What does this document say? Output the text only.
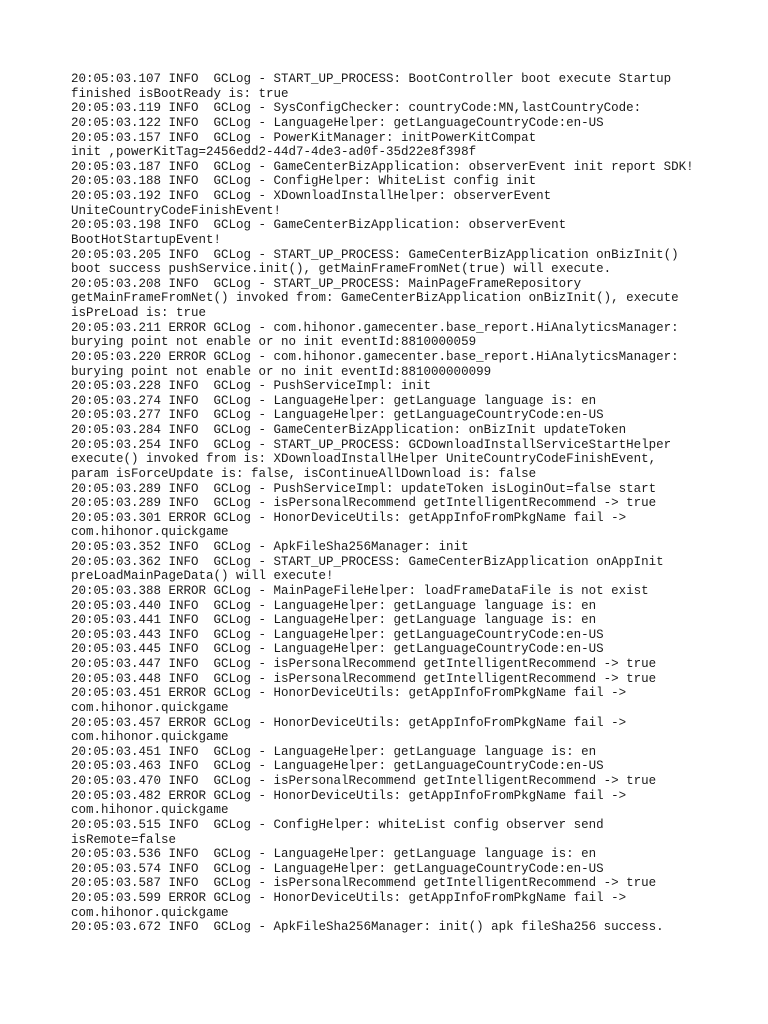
20:05:03.107 INFO  GCLog - START_UP_PROCESS: BootController boot execute Startup
finished isBootReady is: true
20:05:03.119 INFO  GCLog - SysConfigChecker: countryCode:MN,lastCountryCode:
20:05:03.122 INFO  GCLog - LanguageHelper: getLanguageCountryCode:en-US
20:05:03.157 INFO  GCLog - PowerKitManager: initPowerKitCompat
init ,powerKitTag=2456edd2-44d7-4de3-ad0f-35d22e8f398f
20:05:03.187 INFO  GCLog - GameCenterBizApplication: observerEvent init report SDK!
20:05:03.188 INFO  GCLog - ConfigHelper: WhiteList config init
20:05:03.192 INFO  GCLog - XDownloadInstallHelper: observerEvent
UniteCountryCodeFinishEvent!
20:05:03.198 INFO  GCLog - GameCenterBizApplication: observerEvent
BootHotStartupEvent!
20:05:03.205 INFO  GCLog - START_UP_PROCESS: GameCenterBizApplication onBizInit()
boot success pushService.init(), getMainFrameFromNet(true) will execute.
20:05:03.208 INFO  GCLog - START_UP_PROCESS: MainPageFrameRepository
getMainFrameFromNet() invoked from: GameCenterBizApplication onBizInit(), execute
isPreLoad is: true
20:05:03.211 ERROR GCLog - com.hihonor.gamecenter.base_report.HiAnalyticsManager:
burying point not enable or no init eventId:8810000059
20:05:03.220 ERROR GCLog - com.hihonor.gamecenter.base_report.HiAnalyticsManager:
burying point not enable or no init eventId:881000000099
20:05:03.228 INFO  GCLog - PushServiceImpl: init
20:05:03.274 INFO  GCLog - LanguageHelper: getLanguage language is: en
20:05:03.277 INFO  GCLog - LanguageHelper: getLanguageCountryCode:en-US
20:05:03.284 INFO  GCLog - GameCenterBizApplication: onBizInit updateToken
20:05:03.254 INFO  GCLog - START_UP_PROCESS: GCDownloadInstallServiceStartHelper
execute() invoked from is: XDownloadInstallHelper UniteCountryCodeFinishEvent,
param isForceUpdate is: false, isContinueAllDownload is: false
20:05:03.289 INFO  GCLog - PushServiceImpl: updateToken isLoginOut=false start
20:05:03.289 INFO  GCLog - isPersonalRecommend getIntelligentRecommend -> true
20:05:03.301 ERROR GCLog - HonorDeviceUtils: getAppInfoFromPkgName fail ->
com.hihonor.quickgame
20:05:03.352 INFO  GCLog - ApkFileSha256Manager: init
20:05:03.362 INFO  GCLog - START_UP_PROCESS: GameCenterBizApplication onAppInit
preLoadMainPageData() will execute!
20:05:03.388 ERROR GCLog - MainPageFileHelper: loadFrameDataFile is not exist
20:05:03.440 INFO  GCLog - LanguageHelper: getLanguage language is: en
20:05:03.441 INFO  GCLog - LanguageHelper: getLanguage language is: en
20:05:03.443 INFO  GCLog - LanguageHelper: getLanguageCountryCode:en-US
20:05:03.445 INFO  GCLog - LanguageHelper: getLanguageCountryCode:en-US
20:05:03.447 INFO  GCLog - isPersonalRecommend getIntelligentRecommend -> true
20:05:03.448 INFO  GCLog - isPersonalRecommend getIntelligentRecommend -> true
20:05:03.451 ERROR GCLog - HonorDeviceUtils: getAppInfoFromPkgName fail ->
com.hihonor.quickgame
20:05:03.457 ERROR GCLog - HonorDeviceUtils: getAppInfoFromPkgName fail ->
com.hihonor.quickgame
20:05:03.451 INFO  GCLog - LanguageHelper: getLanguage language is: en
20:05:03.463 INFO  GCLog - LanguageHelper: getLanguageCountryCode:en-US
20:05:03.470 INFO  GCLog - isPersonalRecommend getIntelligentRecommend -> true
20:05:03.482 ERROR GCLog - HonorDeviceUtils: getAppInfoFromPkgName fail ->
com.hihonor.quickgame
20:05:03.515 INFO  GCLog - ConfigHelper: whiteList config observer send
isRemote=false
20:05:03.536 INFO  GCLog - LanguageHelper: getLanguage language is: en
20:05:03.574 INFO  GCLog - LanguageHelper: getLanguageCountryCode:en-US
20:05:03.587 INFO  GCLog - isPersonalRecommend getIntelligentRecommend -> true
20:05:03.599 ERROR GCLog - HonorDeviceUtils: getAppInfoFromPkgName fail ->
com.hihonor.quickgame
20:05:03.672 INFO  GCLog - ApkFileSha256Manager: init() apk fileSha256 success.
